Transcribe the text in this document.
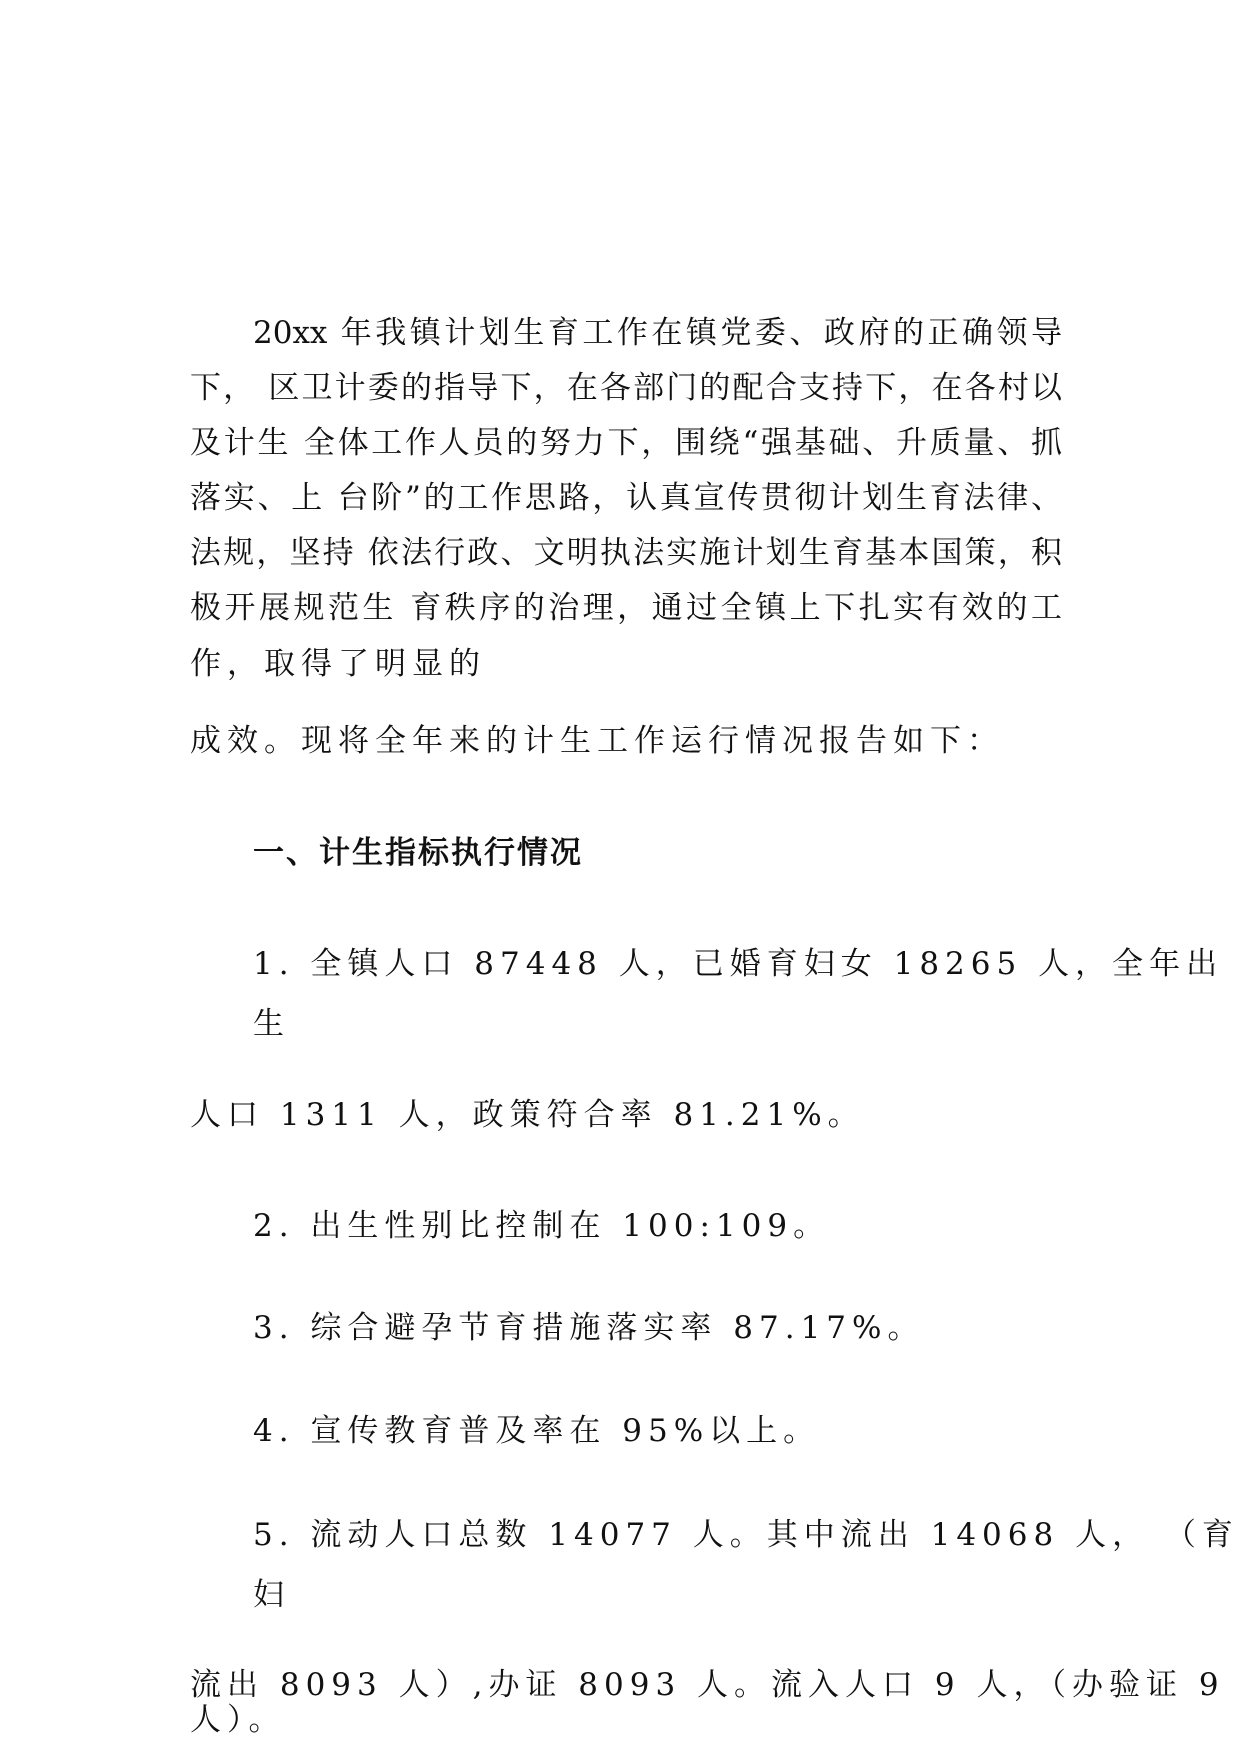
20xx 年我镇计划生育工作在镇党委、政府的正确领导
下， 区卫计委的指导下，在各部门的配合支持下，在各村以
及计生 全体工作人员的努力下，围绕“强基础、升质量、抓
落实、上 台阶”的工作思路，认真宣传贯彻计划生育法律、
法规，坚持 依法行政、文明执法实施计划生育基本国策，积
极开展规范生 育秩序的治理，通过全镇上下扎实有效的工
作，取得了明显的
成效。现将全年来的计生工作运行情况报告如下：
一、计生指标执行情况
1. 全镇人口 87448 人，已婚育妇女 18265 人，全年出
生
人口 1311 人，政策符合率 81.21%。
2. 出生性别比控制在 100:109。
3. 综合避孕节育措施落实率 87.17%。
4. 宣传教育普及率在 95%以上。
5. 流动人口总数 14077 人。其中流出 14068 人， （育
妇
流出 8093 人）,办证 8093 人。流入人口 9 人，（办验证 9
人）。
